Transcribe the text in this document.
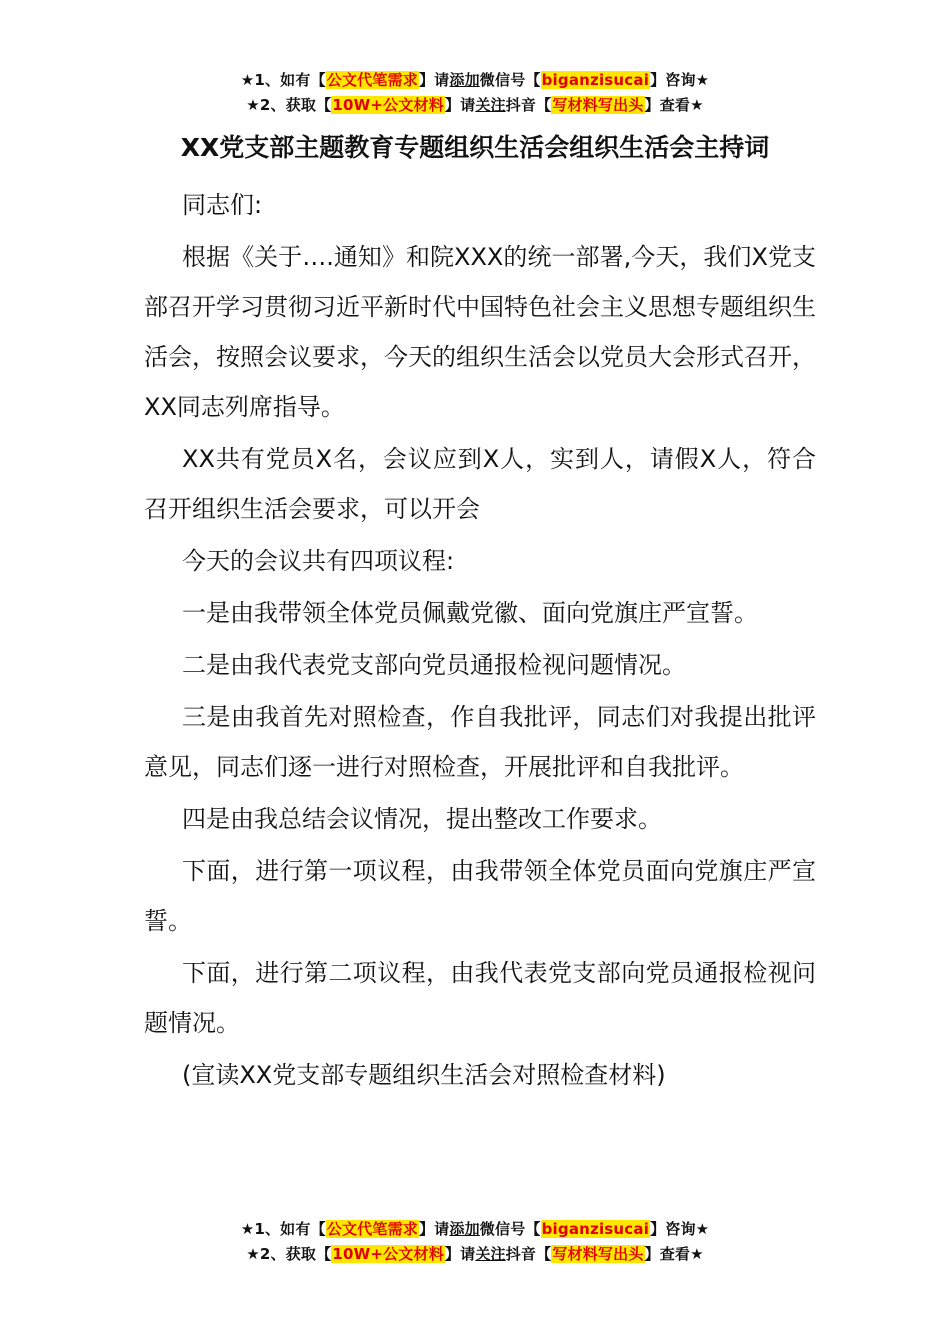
★1、如有【公文代笔需求】请添加微信号【biganzisucai】咨询★
★2、获取【10W+公文材料】请关注抖音【写材料写出头】查看★
XX党支部主题教育专题组织生活会组织生活会主持词

同志们:

根据《关于….通知》和院XXX的统一部署,今天，我们X党支部召开学习贯彻习近平新时代中国特色社会主义思想专题组织生活会，按照会议要求，今天的组织生活会以党员大会形式召开，XX同志列席指导。

XX共有党员X名，会议应到X人，实到人，请假X人，符合召开组织生活会要求，可以开会

今天的会议共有四项议程:

一是由我带领全体党员佩戴党徽、面向党旗庄严宣誓。

二是由我代表党支部向党员通报检视问题情况。

三是由我首先对照检查，作自我批评，同志们对我提出批评意见，同志们逐一进行对照检查，开展批评和自我批评。

四是由我总结会议情况，提出整改工作要求。

下面，进行第一项议程，由我带领全体党员面向党旗庄严宣誓。

下面，进行第二项议程，由我代表党支部向党员通报检视问题情况。

(宣读XX党支部专题组织生活会对照检查材料)

★1、如有【公文代笔需求】请添加微信号【biganzisucai】咨询★
★2、获取【10W+公文材料】请关注抖音【写材料写出头】查看★
